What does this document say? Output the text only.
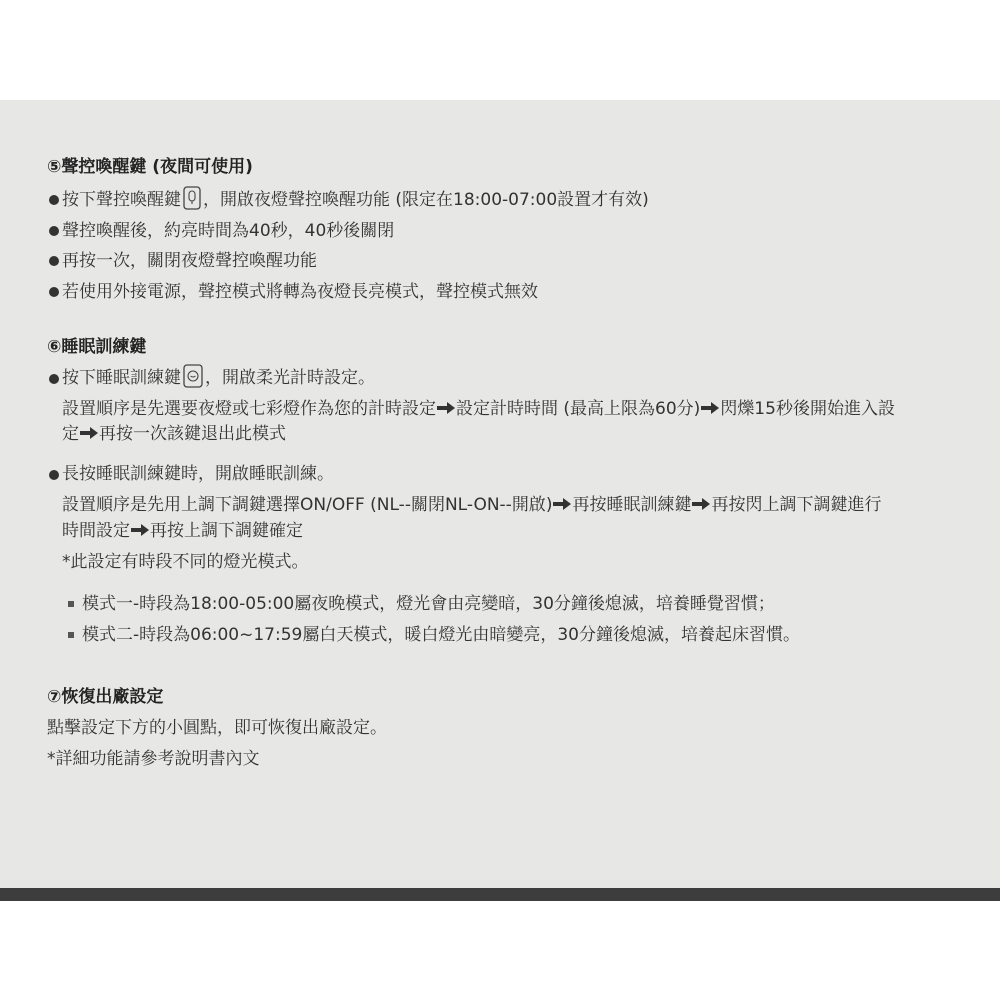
⑤聲控喚醒鍵 (夜間可使用)
按下聲控喚醒鍵 ，開啟夜燈聲控喚醒功能 (限定在18:00-07:00設置才有效)
聲控喚醒後，約亮時間為40秒，40秒後關閉
再按一次，關閉夜燈聲控喚醒功能
若使用外接電源，聲控模式將轉為夜燈長亮模式，聲控模式無效
⑥睡眠訓練鍵
按下睡眠訓練鍵 ，開啟柔光計時設定。
設置順序是先選要夜燈或七彩燈作為您的計時設定 設定計時時間 (最高上限為60分) 閃爍15秒後開始進入設
定 再按一次該鍵退出此模式
長按睡眠訓練鍵時，開啟睡眠訓練。
設置順序是先用上調下調鍵選擇ON/OFF (NL--關閉NL-ON--開啟) 再按睡眠訓練鍵 再按閃上調下調鍵進行
時間設定 再按上調下調鍵確定
*此設定有時段不同的燈光模式。
模式一-時段為18:00-05:00屬夜晚模式，燈光會由亮變暗，30分鐘後熄滅，培養睡覺習慣；
模式二-時段為06:00~17:59屬白天模式，暖白燈光由暗變亮，30分鐘後熄滅，培養起床習慣。
⑦恢復出廠設定
點擊設定下方的小圓點，即可恢復出廠設定。
*詳細功能請參考說明書內文
